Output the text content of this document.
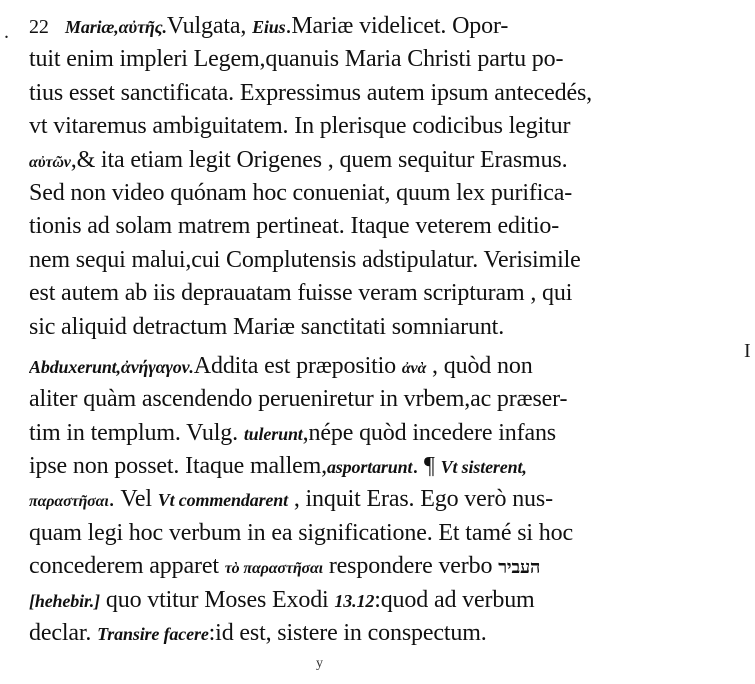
.
I
22 Mariæ,αὐτῆς.Vulgata, Eius.Mariæ videlicet. Opor-
tuit enim impleri Legem,quanuis Maria Christi partu po-
tius esset sanctificata. Expressimus autem ipsum antecedés,
vt vitaremus ambiguitatem. In plerisque codicibus legitur
αὐτῶν,& ita etiam legit Origenes , quem sequitur Erasmus.
Sed non video quónam hoc conueniat, quum lex purifica-
tionis ad solam matrem pertineat. Itaque veterem editio-
nem sequi malui,cui Complutensis adstipulatur. Verisimile
est autem ab iis deprauatam fuisse veram scripturam , qui
sic aliquid detractum Mariæ sanctitati somniarunt.
Abduxerunt,ἀνήγαγον.Addita est præpositio ἀνὰ , quòd non
aliter quàm ascendendo perueniretur in vrbem,ac præser-
tim in templum. Vulg. tulerunt,népe quòd incedere infans
ipse non posset. Itaque mallem,asportarunt. ¶ Vt sisterent,
παραστῆσαι. Vel Vt commendarent , inquit Eras. Ego verò nus-
quam legi hoc verbum in ea significatione. Et tamé si hoc
concederem apparet τὸ παραστῆσαι respondere verbo העביר
[hehebir.] quo vtitur Moses Exodi 13.12:quod ad verbum
declar. Transire facere:id est, sistere in conspectum.
y
